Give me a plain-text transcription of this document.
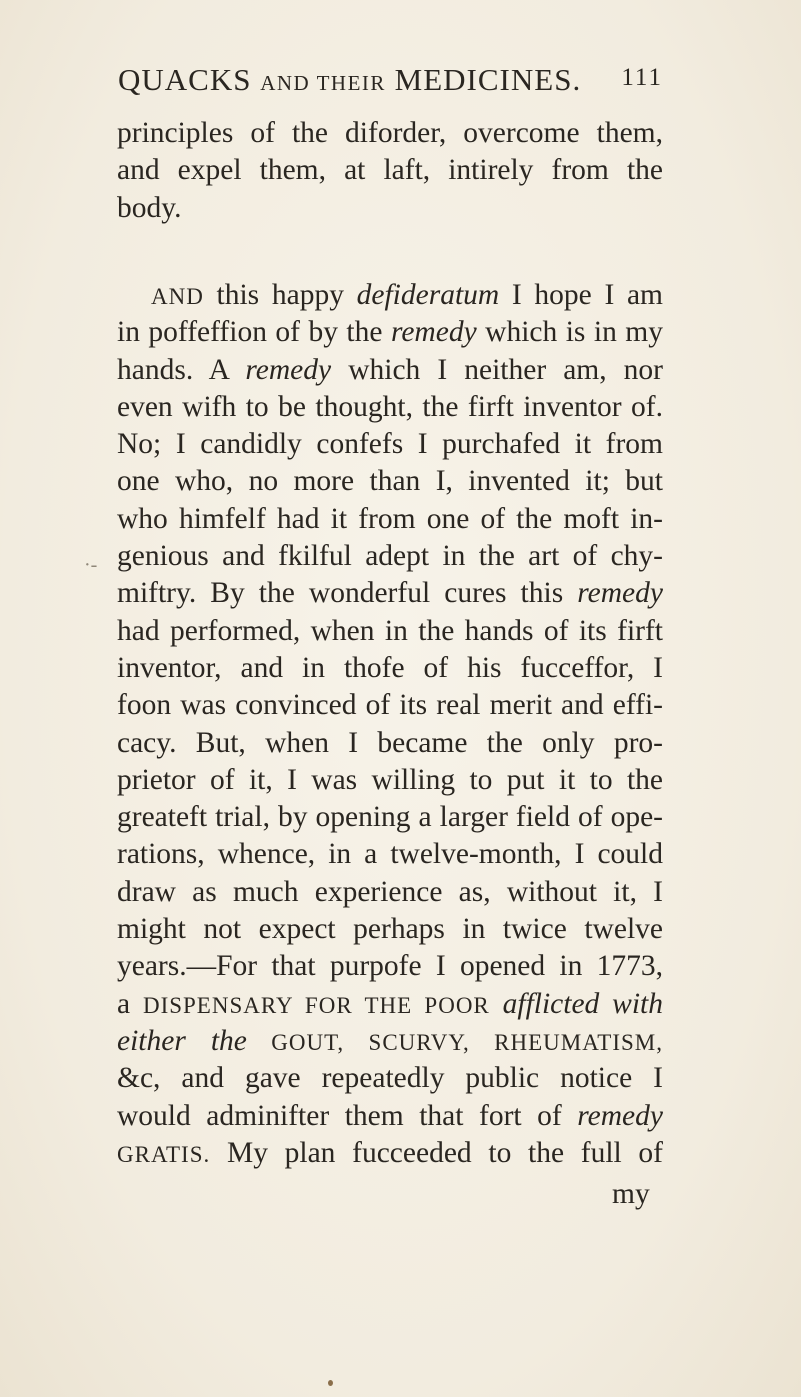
QUACKS AND THEIR MEDICINES. 111
principles of the diforder, overcome them,
and expel them, at laft, intirely from the
body.
·-
AND this happy defideratum I hope I am
in poffeffion of by the remedy which is in my
hands. A remedy which I neither am, nor
even wifh to be thought, the firft inventor of.
No; I candidly confefs I purchafed it from
one who, no more than I, invented it; but
who himfelf had it from one of the moft in-
genious and fkilful adept in the art of chy-
miftry. By the wonderful cures this remedy
had performed, when in the hands of its firft
inventor, and in thofe of his fucceffor, I
foon was convinced of its real merit and effi-
cacy. But, when I became the only pro-
prietor of it, I was willing to put it to the
greateft trial, by opening a larger field of ope-
rations, whence, in a twelve-month, I could
draw as much experience as, without it, I
might not expect perhaps in twice twelve
years.—For that purpofe I opened in 1773,
a DISPENSARY FOR THE POOR afflicted with
either the GOUT, SCURVY, RHEUMATISM,
&c, and gave repeatedly public notice I
would adminifter them that fort of remedy
GRATIS. My plan fucceeded to the full of
my
